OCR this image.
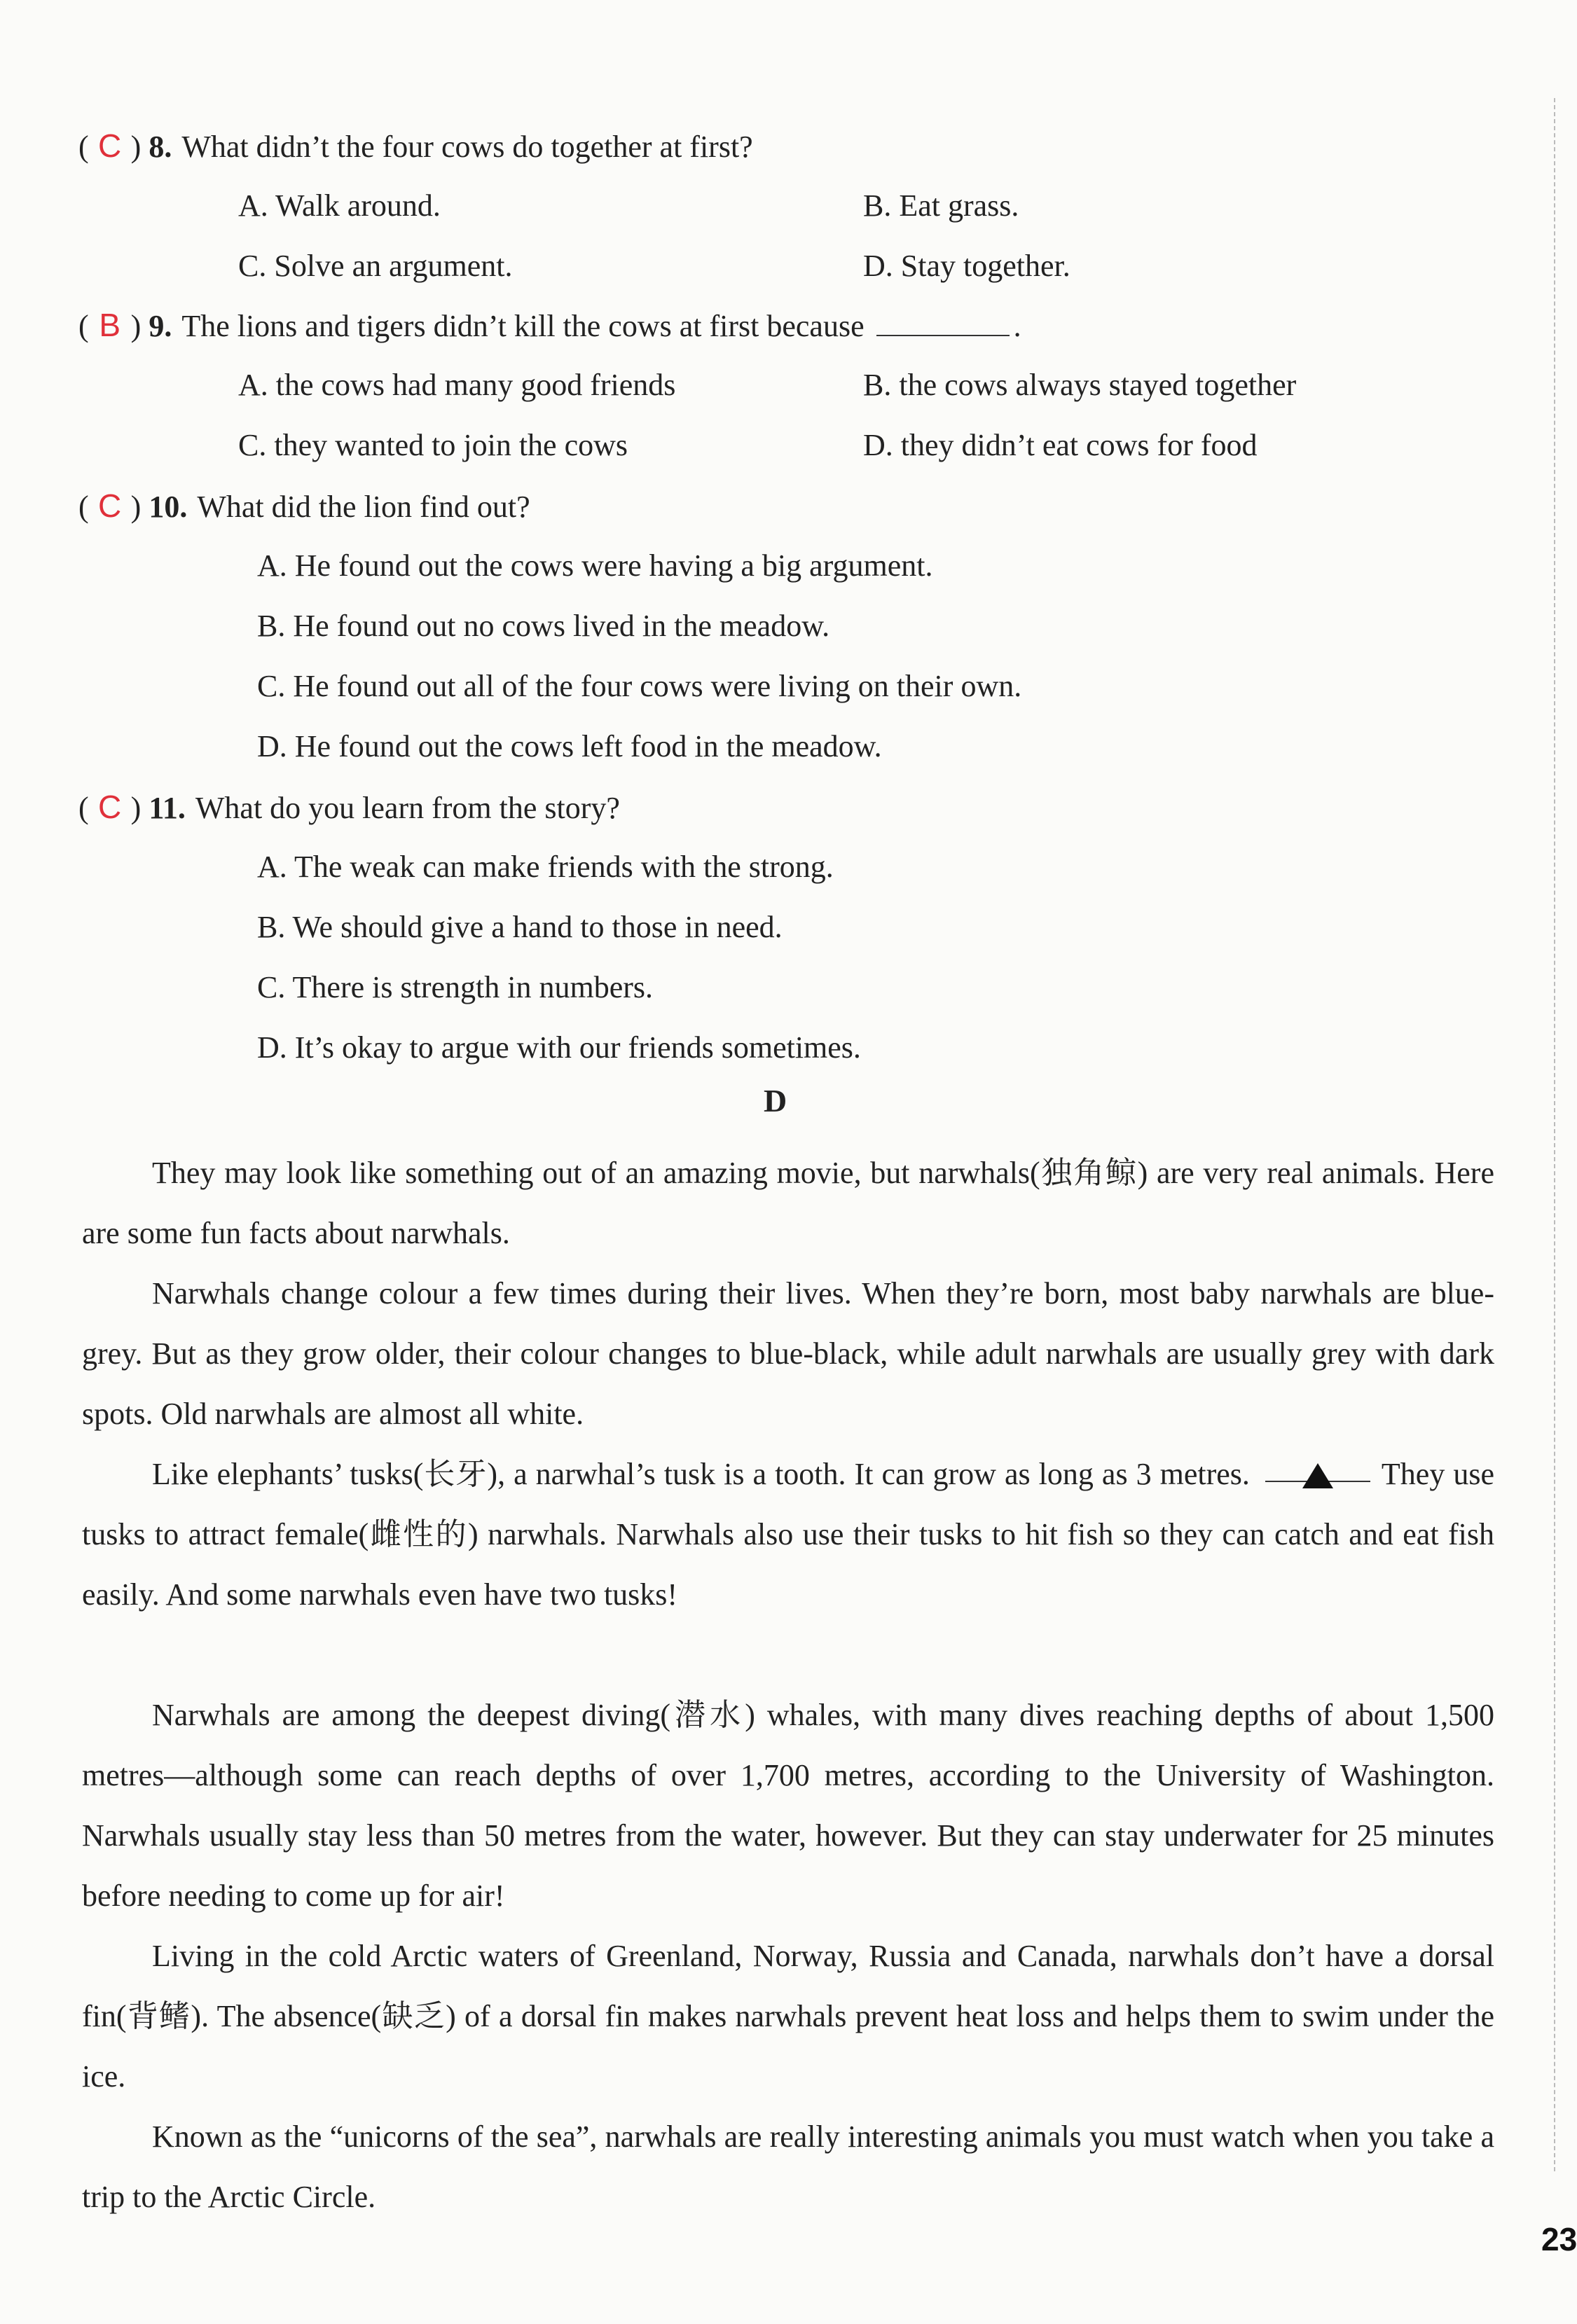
( C ) 8. What didn’t the four cows do together at first?
A. Walk around.	B. Eat grass.
C. Solve an argument.	D. Stay together.
( B ) 9. The lions and tigers didn’t kill the cows at first because	.
A. the cows had many good friends	B. the cows always stayed together
C. they wanted to join the cows	D. they didn’t eat cows for food
( C ) 10. What did the lion find out?
A. He found out the cows were having a big argument.
B. He found out no cows lived in the meadow.
C. He found out all of the four cows were living on their own.
D. He found out the cows left food in the meadow.
( C ) 11. What do you learn from the story?
A. The weak can make friends with the strong.
B. We should give a hand to those in need.
C. There is strength in numbers.
D. It’s okay to argue with our friends sometimes.
D
They may look like something out of an amazing movie, but narwhals(独角鲸) are very real animals. Here are some fun facts about narwhals.
Narwhals change colour a few times during their lives. When they’re born, most baby narwhals are blue-grey. But as they grow older, their colour changes to blue-black, while adult narwhals are usually grey with dark spots. Old narwhals are almost all white.
Like elephants’ tusks(长牙), a narwhal’s tusk is a tooth. It can grow as long as 3 metres.	They use tusks to attract female(雌性的) narwhals. Narwhals also use their tusks to hit fish so they can catch and eat fish easily. And some narwhals even have two tusks!
Narwhals are among the deepest diving(潜水) whales, with many dives reaching depths of about 1,500 metres—although some can reach depths of over 1,700 metres, according to the University of Washington. Narwhals usually stay less than 50 metres from the water, however. But they can stay underwater for 25 minutes before needing to come up for air!
Living in the cold Arctic waters of Greenland, Norway, Russia and Canada, narwhals don’t have a dorsal fin(背鳍). The absence(缺乏) of a dorsal fin makes narwhals prevent heat loss and helps them to swim under the ice.
Known as the “unicorns of the sea”, narwhals are really interesting animals you must watch when you take a trip to the Arctic Circle.
23
